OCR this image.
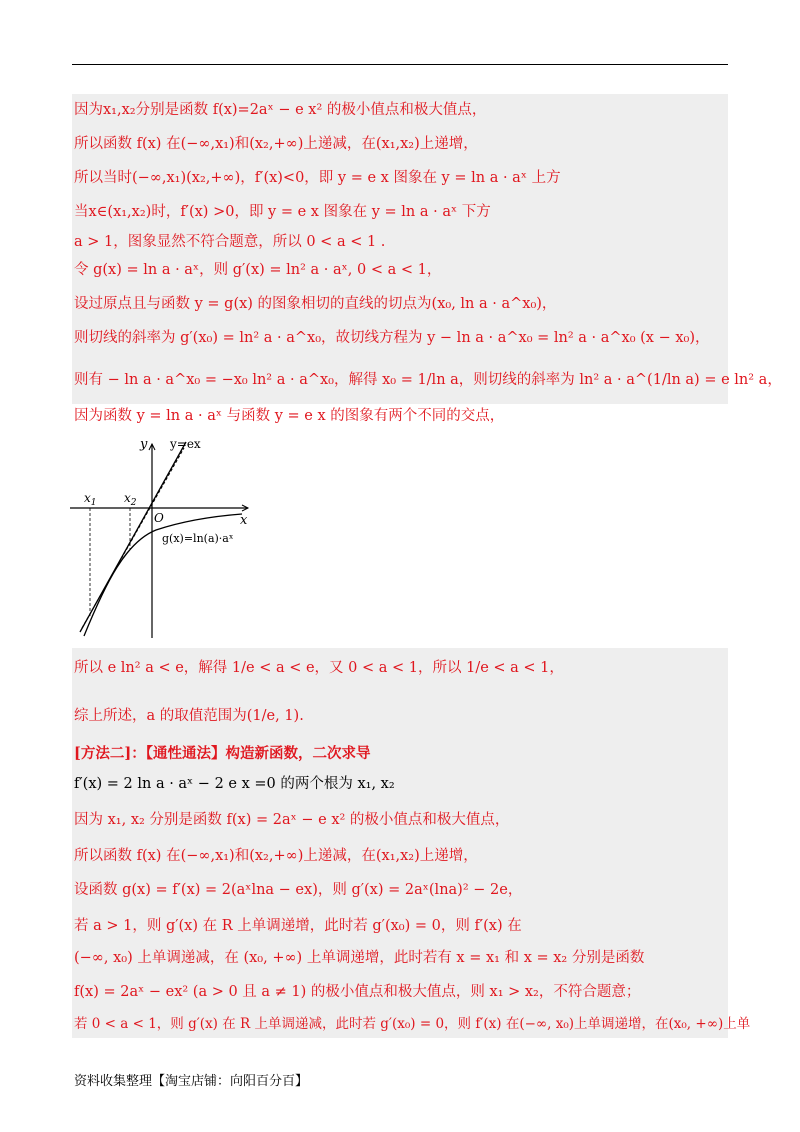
因为x₁,x₂分别是函数 f(x)=2aˣ − e x² 的极小值点和极大值点，
所以函数 f(x) 在(−∞,x₁)和(x₂,+∞)上递减，在(x₁,x₂)上递增，
所以当时(−∞,x₁)(x₂,+∞)，f′(x)<0，即 y = e x 图象在 y = ln a · aˣ 上方
当x∈(x₁,x₂)时，f′(x) >0，即 y = e x 图象在 y = ln a · aˣ 下方
a > 1，图象显然不符合题意，所以 0 < a < 1 .
令 g(x) = ln a · aˣ，则 g′(x) = ln² a · aˣ, 0 < a < 1，
设过原点且与函数 y = g(x) 的图象相切的直线的切点为(x₀, ln a · a^x₀)，
则切线的斜率为 g′(x₀) = ln² a · a^x₀，故切线方程为 y − ln a · a^x₀ = ln² a · a^x₀ (x − x₀)，
则有 − ln a · a^x₀ = −x₀ ln² a · a^x₀，解得 x₀ = 1/ln a，则切线的斜率为 ln² a · a^(1/ln a) = e ln² a，
因为函数 y = ln a · aˣ 与函数 y = e x 的图象有两个不同的交点，
y
x
$x_1$ $x_2$
O
y=ex
g(x)=ln(a)·aˣ
所以 e ln² a < e，解得 1/e < a < e，又 0 < a < 1，所以 1/e < a < 1，
综上所述，a 的取值范围为(1/e, 1).
[方法二]：【通性通法】构造新函数，二次求导
f′(x) = 2 ln a · aˣ − 2 e x =0 的两个根为 x₁, x₂
因为 x₁, x₂ 分别是函数 f(x) = 2aˣ − e x² 的极小值点和极大值点，
所以函数 f(x) 在(−∞,x₁)和(x₂,+∞)上递减，在(x₁,x₂)上递增，
设函数 g(x) = f′(x) = 2(aˣlna − ex)，则 g′(x) = 2aˣ(lna)² − 2e，
若 a > 1，则 g′(x) 在 R 上单调递增，此时若 g′(x₀) = 0，则 f′(x) 在
(−∞, x₀) 上单调递减，在 (x₀, +∞) 上单调递增，此时若有 x = x₁ 和 x = x₂ 分别是函数
f(x) = 2aˣ − ex² (a > 0 且 a ≠ 1) 的极小值点和极大值点，则 x₁ > x₂，不符合题意；
若 0 < a < 1，则 g′(x) 在 R 上单调递减，此时若 g′(x₀) = 0，则 f′(x) 在(−∞, x₀)上单调递增，在(x₀, +∞)上单
资料收集整理【淘宝店铺：向阳百分百】
